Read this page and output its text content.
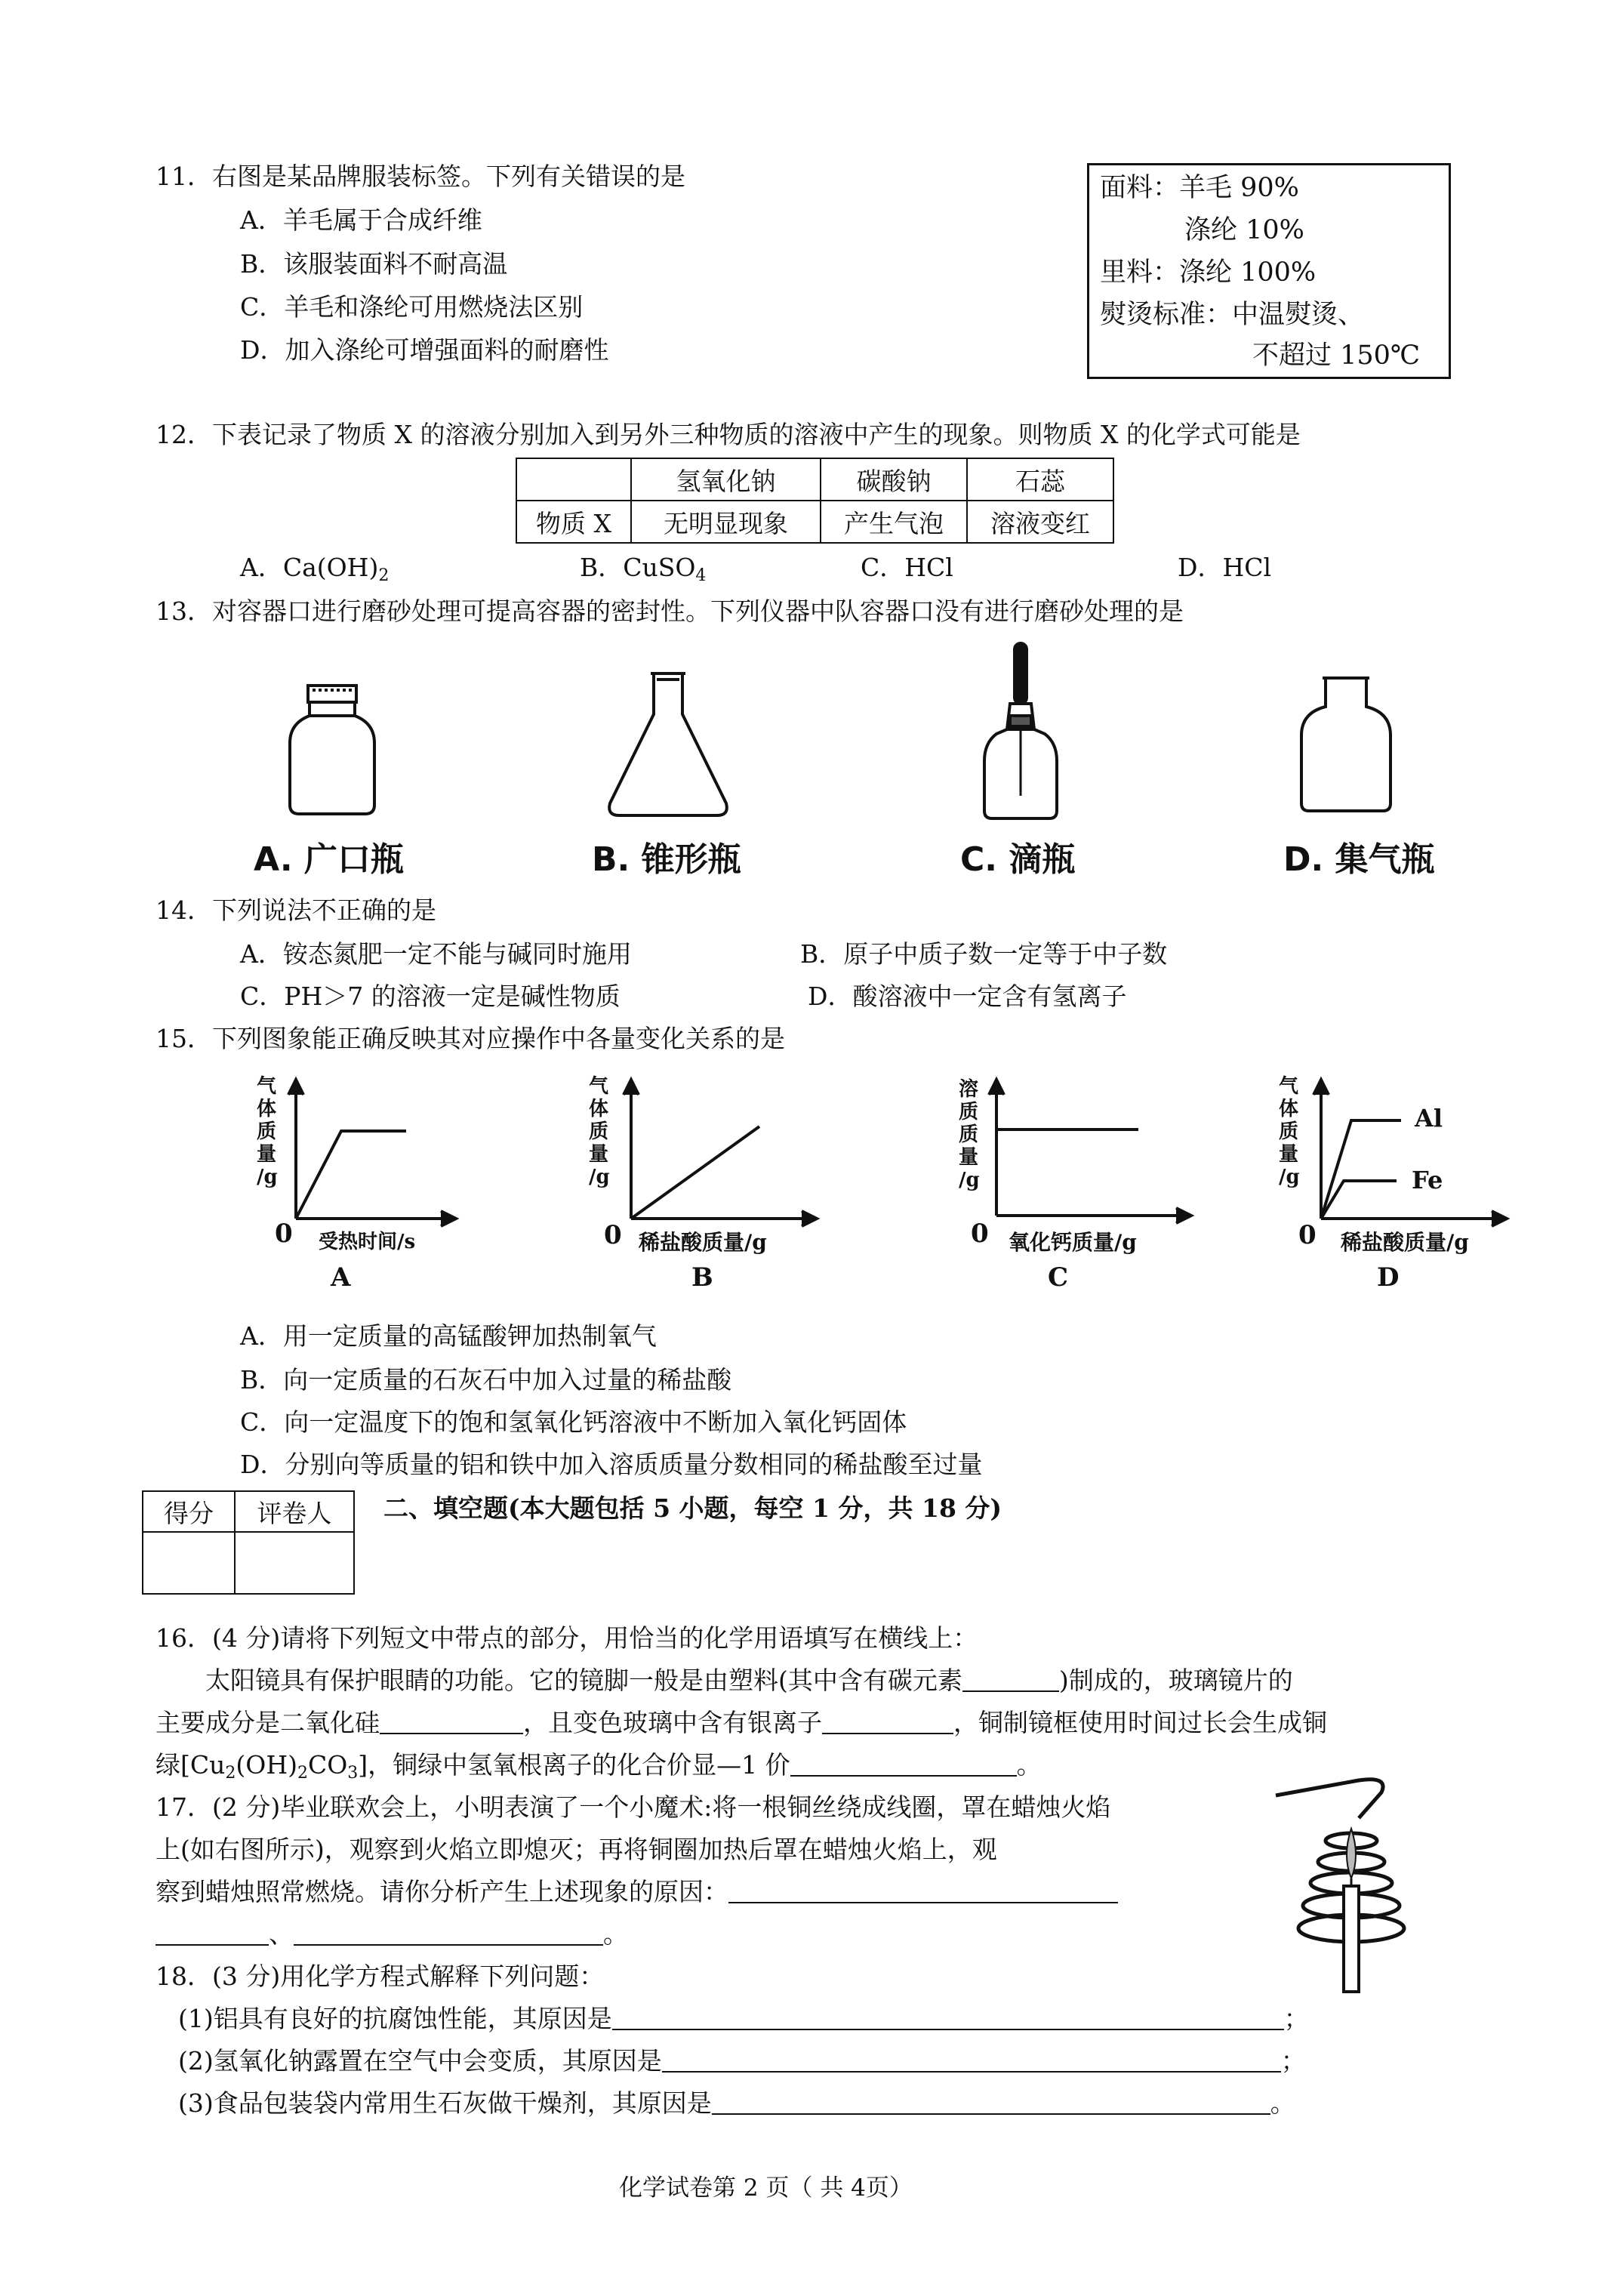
11．右图是某品牌服装标签。下列有关错误的是
A．羊毛属于合成纤维
B．该服装面料不耐高温
C．羊毛和涤纶可用燃烧法区别
D．加入涤纶可增强面料的耐磨性
面料：羊毛 90%
涤纶 10%
里料：涤纶 100%
熨烫标准：中温熨烫、
不超过 150℃
12．下表记录了物质 X 的溶液分别加入到另外三种物质的溶液中产生的现象。则物质 X 的化学式可能是
	氢氧化钠	碳酸钠	石蕊
物质 X	无明显现象	产生气泡	溶液变红
A．$Ca(OH)_2$	B．CuSO$_4$	C．HCl	D．HCl
13．对容器口进行磨砂处理可提高容器的密封性。下列仪器中队容器口没有进行磨砂处理的是
A. 广口瓶	B. 锥形瓶	C. 滴瓶	D. 集气瓶
14．下列说法不正确的是
A．铵态氮肥一定不能与碱同时施用	B．原子中质子数一定等于中子数
C．PH＞7 的溶液一定是碱性物质	D．酸溶液中一定含有氢离子
15．下列图象能正确反映其对应操作中各量变化关系的是
气
体
质
量
/g
0 受热时间/s
A
气
体
质
量
/g
0 稀盐酸质量/g
B
溶
质
质
量
/g
0 氧化钙质量/g
C
气
体
质
量
/g
Al
Fe
0 稀盐酸质量/g
D
A．用一定质量的高锰酸钾加热制氧气
B．向一定质量的石灰石中加入过量的稀盐酸
C．向一定温度下的饱和氢氧化钙溶液中不断加入氧化钙固体
D．分别向等质量的铝和铁中加入溶质质量分数相同的稀盐酸至过量
得分	评卷人
	二、填空题(本大题包括 5 小题，每空 1 分，共 18 分)
16．(4 分)请将下列短文中带点的部分，用恰当的化学用语填写在横线上：
太阳镜具有保护眼睛的功能。它的镜脚一般是由塑料(其中含有碳元素	)制成的，玻璃镜片的
主要成分是二氧化硅	，且变色玻璃中含有银离子	，铜制镜框使用时间过长会生成铜
绿$[Cu_2(OH)_2CO_3]$，铜绿中氢氧根离子的化合价显—1 价	。
17．(2 分)毕业联欢会上，小明表演了一个小魔术:将一根铜丝绕成线圈，罩在蜡烛火焰
上(如右图所示)，观察到火焰立即熄灭；再将铜圈加热后罩在蜡烛火焰上，观
察到蜡烛照常燃烧。请你分析产生上述现象的原因：
、	。
18．(3 分)用化学方程式解释下列问题：
(1)铝具有良好的抗腐蚀性能，其原因是	；
(2)氢氧化钠露置在空气中会变质，其原因是	；
(3)食品包装袋内常用生石灰做干燥剂，其原因是	。
化学试卷第 2 页（ 共 4页）
